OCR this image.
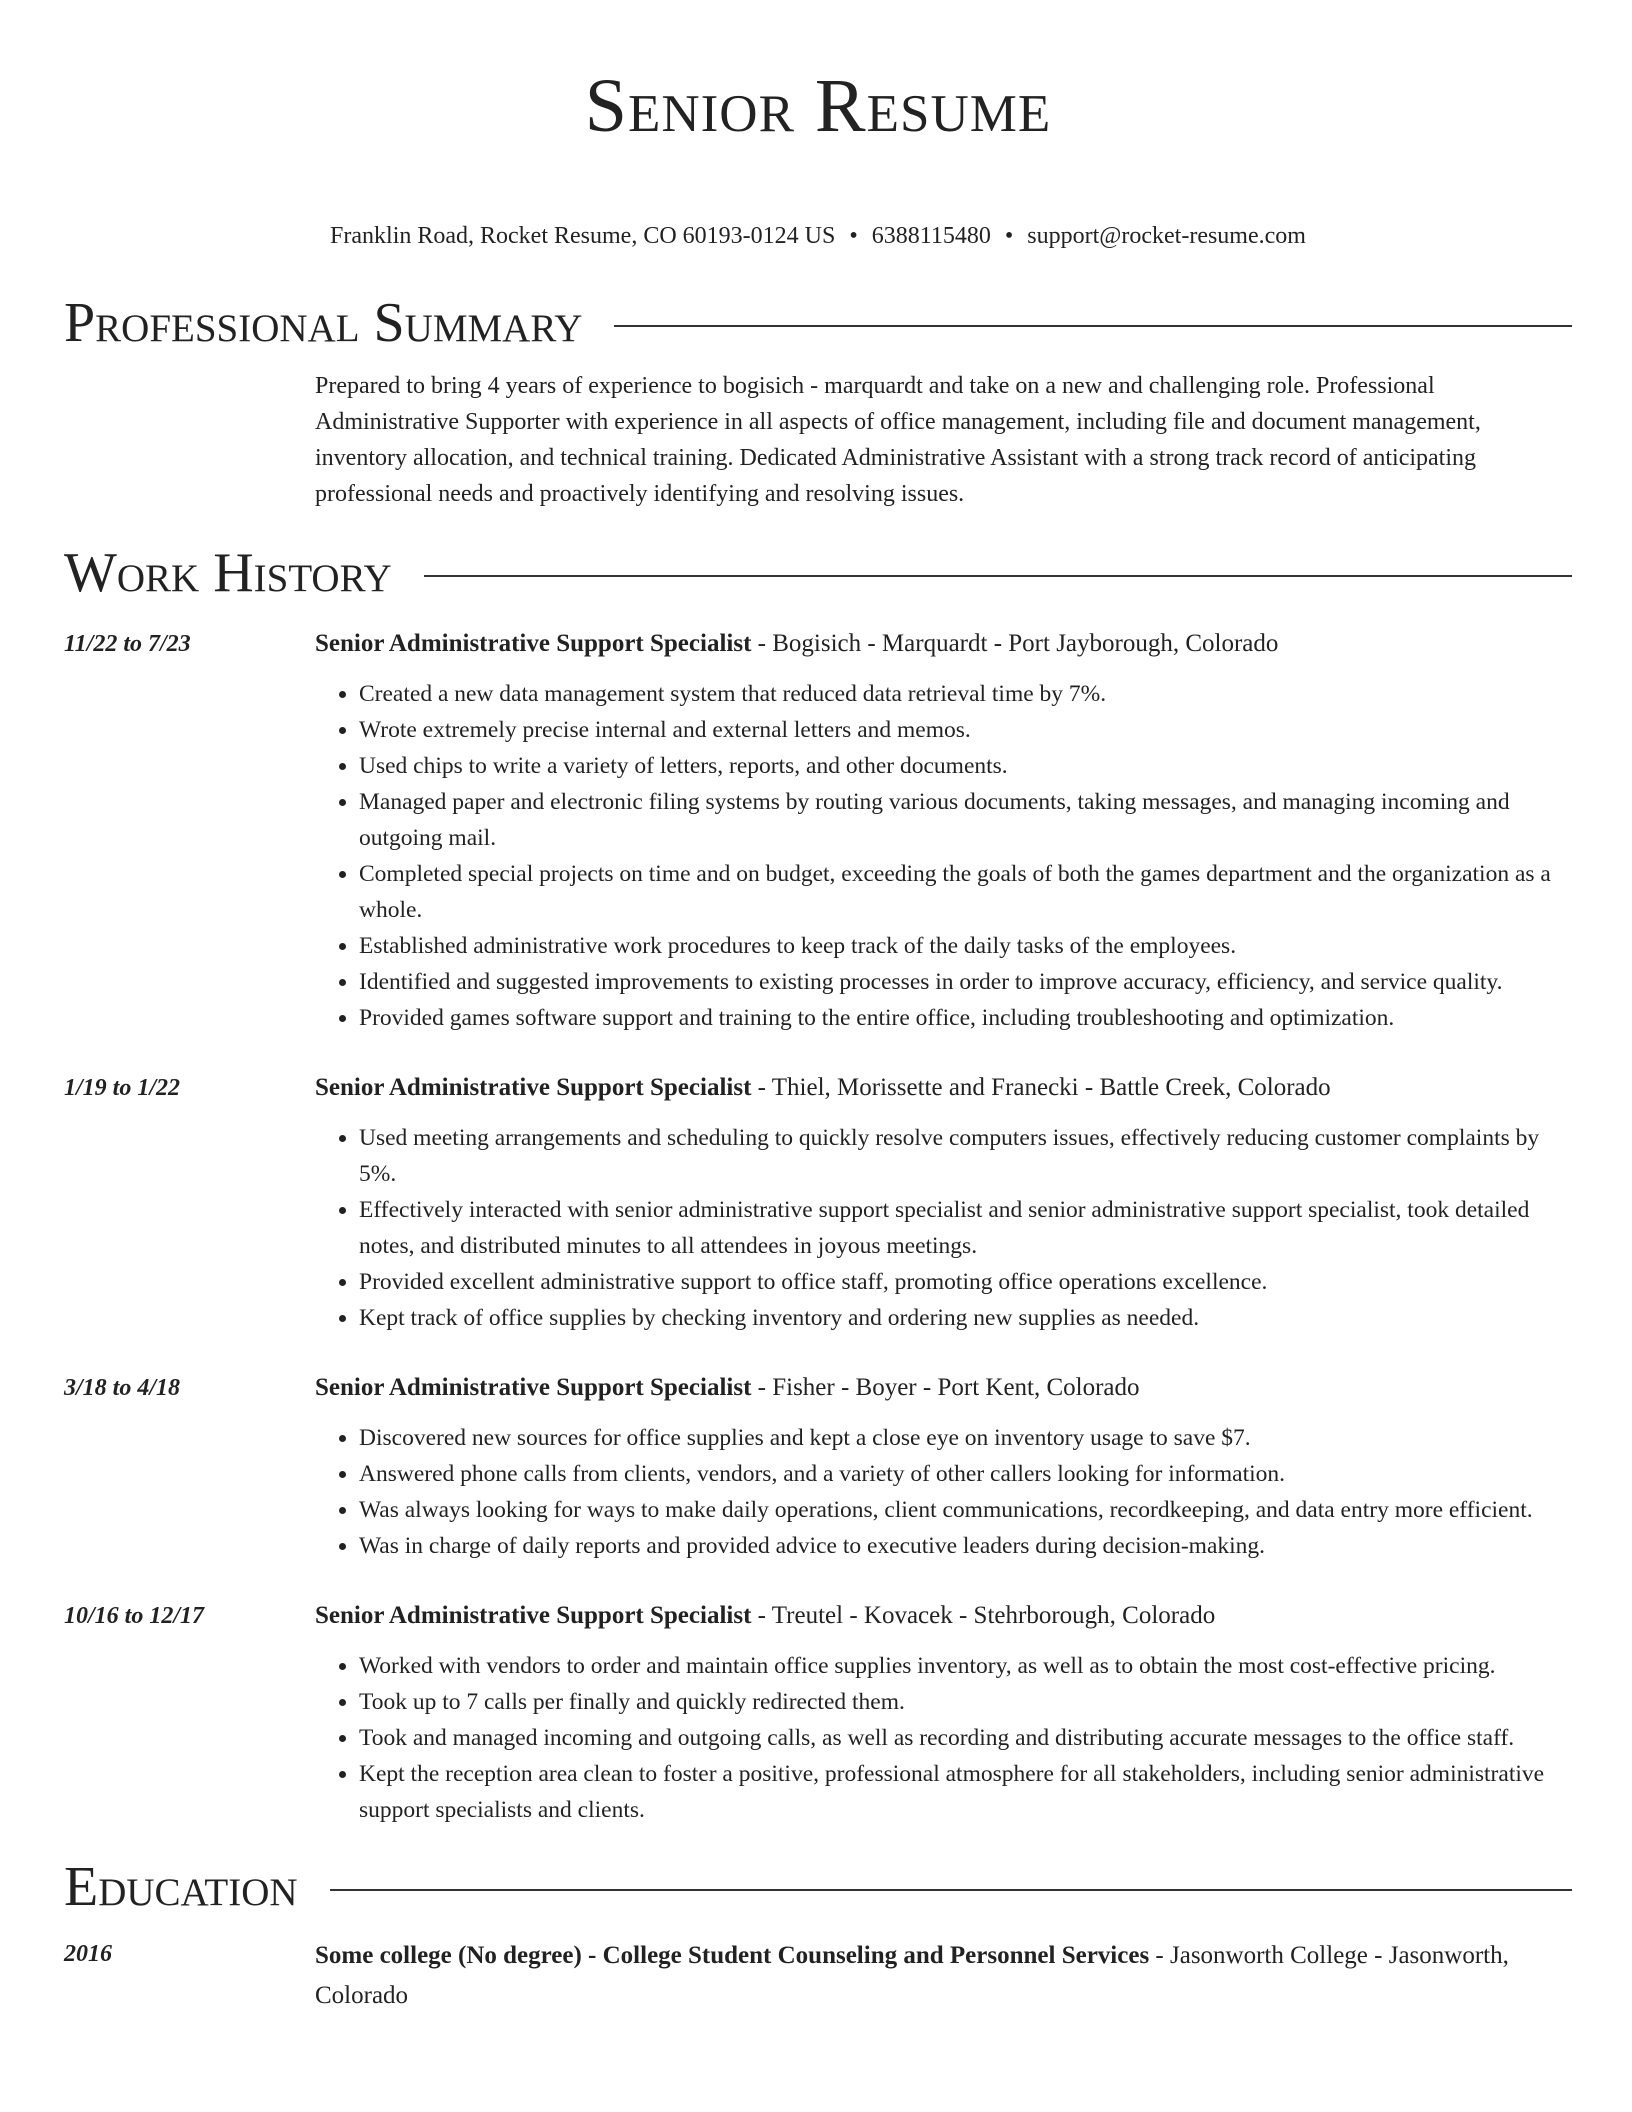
Senior Resume
Franklin Road, Rocket Resume, CO 60193-0124 US • 6388115480 • support@rocket-resume.com
Professional Summary
Prepared to bring 4 years of experience to bogisich - marquardt and take on a new and challenging role. Professional Administrative Supporter with experience in all aspects of office management, including file and document management, inventory allocation, and technical training. Dedicated Administrative Assistant with a strong track record of anticipating professional needs and proactively identifying and resolving issues.
Work History
11/22 to 7/23	Senior Administrative Support Specialist - Bogisich - Marquardt - Port Jayborough, Colorado
• Created a new data management system that reduced data retrieval time by 7%.
• Wrote extremely precise internal and external letters and memos.
• Used chips to write a variety of letters, reports, and other documents.
• Managed paper and electronic filing systems by routing various documents, taking messages, and managing incoming and outgoing mail.
• Completed special projects on time and on budget, exceeding the goals of both the games department and the organization as a whole.
• Established administrative work procedures to keep track of the daily tasks of the employees.
• Identified and suggested improvements to existing processes in order to improve accuracy, efficiency, and service quality.
• Provided games software support and training to the entire office, including troubleshooting and optimization.
1/19 to 1/22	Senior Administrative Support Specialist - Thiel, Morissette and Franecki - Battle Creek, Colorado
• Used meeting arrangements and scheduling to quickly resolve computers issues, effectively reducing customer complaints by 5%.
• Effectively interacted with senior administrative support specialist and senior administrative support specialist, took detailed notes, and distributed minutes to all attendees in joyous meetings.
• Provided excellent administrative support to office staff, promoting office operations excellence.
• Kept track of office supplies by checking inventory and ordering new supplies as needed.
3/18 to 4/18	Senior Administrative Support Specialist - Fisher - Boyer - Port Kent, Colorado
• Discovered new sources for office supplies and kept a close eye on inventory usage to save $7.
• Answered phone calls from clients, vendors, and a variety of other callers looking for information.
• Was always looking for ways to make daily operations, client communications, recordkeeping, and data entry more efficient.
• Was in charge of daily reports and provided advice to executive leaders during decision-making.
10/16 to 12/17	Senior Administrative Support Specialist - Treutel - Kovacek - Stehrborough, Colorado
• Worked with vendors to order and maintain office supplies inventory, as well as to obtain the most cost-effective pricing.
• Took up to 7 calls per finally and quickly redirected them.
• Took and managed incoming and outgoing calls, as well as recording and distributing accurate messages to the office staff.
• Kept the reception area clean to foster a positive, professional atmosphere for all stakeholders, including senior administrative support specialists and clients.
Education
2016	Some college (No degree) - College Student Counseling and Personnel Services - Jasonworth College - Jasonworth, Colorado
